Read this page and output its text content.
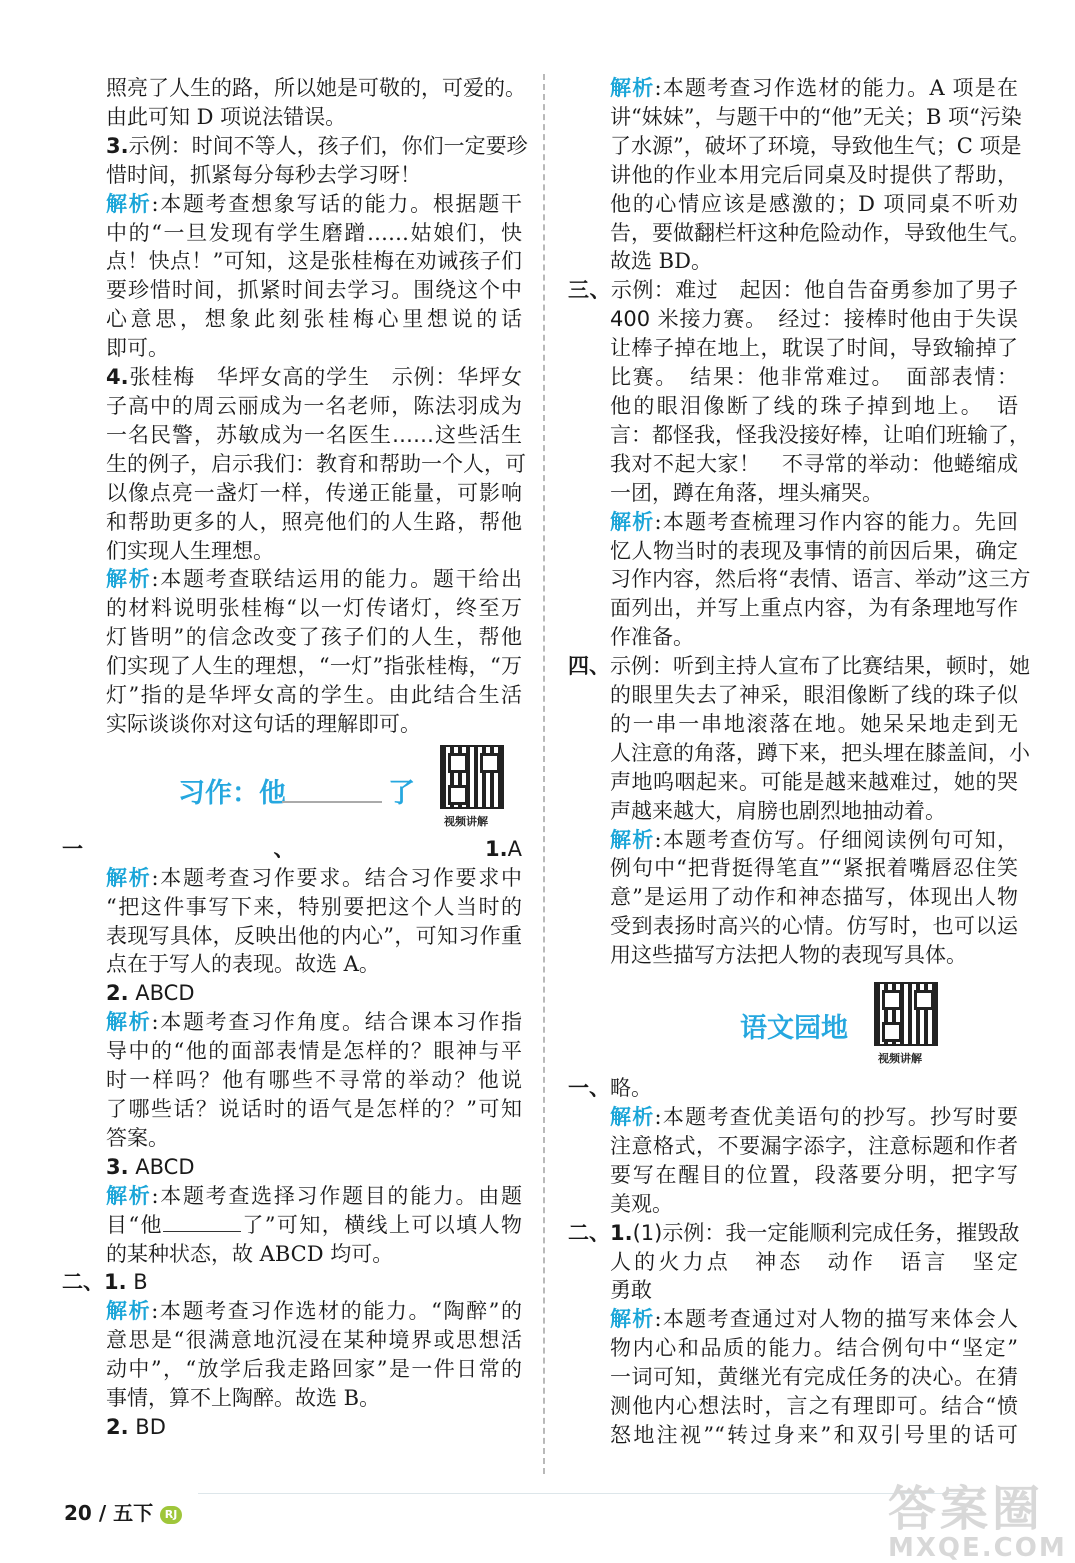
照亮了人生的路，所以她是可敬的，可爱的。
由此可知 D 项说法错误。
3.示例：时间不等人，孩子们，你们一定要珍
惜时间，抓紧每分每秒去学习呀！
解析:本题考查想象写话的能力。根据题干
中的“一旦发现有学生磨蹭……姑娘们，快
点！快点！”可知，这是张桂梅在劝诫孩子们
要珍惜时间，抓紧时间去学习。围绕这个中
心意思，想象此刻张桂梅心里想说的话
即可。
4.张桂梅　华坪女高的学生　示例：华坪女
子高中的周云丽成为一名老师，陈法羽成为
一名民警，苏敏成为一名医生……这些活生
生的例子，启示我们：教育和帮助一个人，可
以像点亮一盏灯一样，传递正能量，可影响
和帮助更多的人，照亮他们的人生路，帮他
们实现人生理想。
解析:本题考查联结运用的能力。题干给出
的材料说明张桂梅“以一灯传诸灯，终至万
灯皆明”的信念改变了孩子们的人生，帮他
们实现了人生的理想，“一灯”指张桂梅，“万
灯”指的是华坪女高的学生。由此结合生活
实际谈谈你对这句话的理解即可。
习作：他	了
视频讲解
一、1.A
解析:本题考查习作要求。结合习作要求中
“把这件事写下来，特别要把这个人当时的
表现写具体，反映出他的内心”，可知习作重
点在于写人的表现。故选 A。
2. ABCD
解析:本题考查习作角度。结合课本习作指
导中的“他的面部表情是怎样的？眼神与平
时一样吗？他有哪些不寻常的举动？他说
了哪些话？说话时的语气是怎样的？”可知
答案。
3. ABCD
解析:本题考查选择习作题目的能力。由题
目“他	了”可知，横线上可以填人物
的某种状态，故 ABCD 均可。
二、1. B
解析:本题考查习作选材的能力。“陶醉”的
意思是“很满意地沉浸在某种境界或思想活
动中”，“放学后我走路回家”是一件日常的
事情，算不上陶醉。故选 B。
2. BD
解析:本题考查习作选材的能力。A 项是在
讲“妹妹”，与题干中的“他”无关；B 项“污染
了水源”，破坏了环境，导致他生气；C 项是
讲他的作业本用完后同桌及时提供了帮助，
他的心情应该是感激的；D 项同桌不听劝
告，要做翻栏杆这种危险动作，导致他生气。
故选 BD。
三、示例：难过　起因：他自告奋勇参加了男子
400 米接力赛。　经过：接棒时他由于失误
让棒子掉在地上，耽误了时间，导致输掉了
比赛。　结果：他非常难过。　面部表情：
他的眼泪像断了线的珠子掉到地上。　语
言：都怪我，怪我没接好棒，让咱们班输了，
我对不起大家！　不寻常的举动：他蜷缩成
一团，蹲在角落，埋头痛哭。
解析:本题考查梳理习作内容的能力。先回
忆人物当时的表现及事情的前因后果，确定
习作内容，然后将“表情、语言、举动”这三方
面列出，并写上重点内容，为有条理地写作
作准备。
四、示例：听到主持人宣布了比赛结果，顿时，她
的眼里失去了神采，眼泪像断了线的珠子似
的一串一串地滚落在地。她呆呆地走到无
人注意的角落，蹲下来，把头埋在膝盖间，小
声地呜咽起来。可能是越来越难过，她的哭
声越来越大，肩膀也剧烈地抽动着。
解析:本题考查仿写。仔细阅读例句可知，
例句中“把背挺得笔直”“紧抿着嘴唇忍住笑
意”是运用了动作和神态描写，体现出人物
受到表扬时高兴的心情。仿写时，也可以运
用这些描写方法把人物的表现写具体。
语文园地
视频讲解
一、略。
解析:本题考查优美语句的抄写。抄写时要
注意格式，不要漏字添字，注意标题和作者
要写在醒目的位置，段落要分明，把字写
美观。
二、1.(1)示例：我一定能顺利完成任务，摧毁敌
人的火力点　神态　动作　语言　坚定
勇敢
解析:本题考查通过对人物的描写来体会人
物内心和品质的能力。结合例句中“坚定”
一词可知，黄继光有完成任务的决心。在猜
测他内心想法时，言之有理即可。结合“愤
怒地注视”“转过身来”和双引号里的话可
20 / 五下 RJ	答案圈
MXQE.COM
